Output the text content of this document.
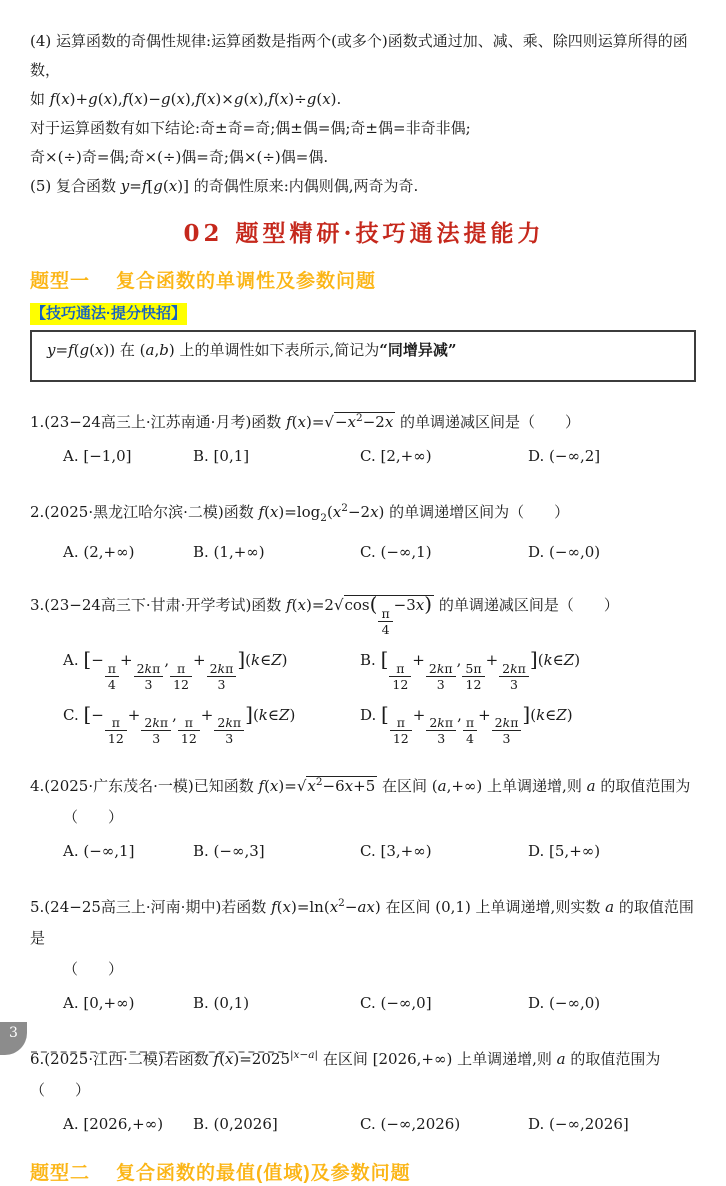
(4) 运算函数的奇偶性规律:运算函数是指两个(或多个)函数式通过加、减、乘、除四则运算所得的函数，

如 f(x)+g(x),f(x)−g(x),f(x)×g(x),f(x)÷g(x).

对于运算函数有如下结论:奇±奇=奇;偶±偶=偶;奇±偶=非奇非偶;

奇×(÷)奇=偶;奇×(÷)偶=奇;偶×(÷)偶=偶.

(5) 复合函数 y=f[g(x)] 的奇偶性原来:内偶则偶,两奇为奇.

02 题型精研·技巧通法提能力
题型一 复合函数的单调性及参数问题
【技巧通法·提分快招】

y=f(g(x)) 在 (a,b) 上的单调性如下表所示,简记为“同增异减”

1.(23−24高三上·江苏南通·月考)函数 $f(x)=√-x^2-2x$ 的单调递减区间是（　　）

A. [−1,0]	B. [0,1]	C. [2,+∞)	D. (−∞,2]

2.(2025·黑龙江哈尔滨·二模)函数 $f(x)=\log_2(x^2-2x)$ 的单调递增区间为（　　）

A. (2,+∞)	B. (1,+∞)	C. (−∞,1)	D. (−∞,0)

3.(23−24高三下·甘肃·开学考试)函数 f(x)=2√cos(
$\frac{\pi}{4}$
−3x) 的单调递减区间是（　　）

A. [−
$\frac{\pi}{4}$
+
$\frac{2k\pi}{3}$
,
$\frac{\pi}{12}$
+
$\frac{2k\pi}{3}$
](k∈Z)	B. [
$\frac{\pi}{12}$
+
$\frac{2k\pi}{3}$
,
$\frac{5\pi}{12}$
+
$\frac{2k\pi}{3}$
](k∈Z)
C. [−
$\frac{\pi}{12}$
+
$\frac{2k\pi}{3}$
,
$\frac{\pi}{12}$
+
$\frac{2k\pi}{3}$
](k∈Z)	D. [
$\frac{\pi}{12}$
+
$\frac{2k\pi}{3}$
,
$\frac{\pi}{4}$
+
$\frac{2k\pi}{3}$
](k∈Z)

4.(2025·广东茂名·一模)已知函数 $f(x)=√x^2-6x+5$ 在区间 (a,+∞) 上单调递增,则 a 的取值范围为

（　　）

A. (−∞,1]	B. (−∞,3]	C. [3,+∞)	D. [5,+∞)

5.(24−25高三上·河南·期中)若函数 $f(x)=\ln(x^2-ax)$ 在区间 (0,1) 上单调递增,则实数 a 的取值范围是

（　　）

A. [0,+∞)	B. (0,1)	C. (−∞,0]	D. (−∞,0)

6.(2025·江西·二模)若函数 $f(x)=2025^{|x-a|}$ 在区间 [2026,+∞) 上单调递增,则 a 的取值范围为（　　）

A. [2026,+∞)	B. (0,2026]	C. (−∞,2026)	D. (−∞,2026]
题型二 复合函数的最值(值域)及参数问题
3
